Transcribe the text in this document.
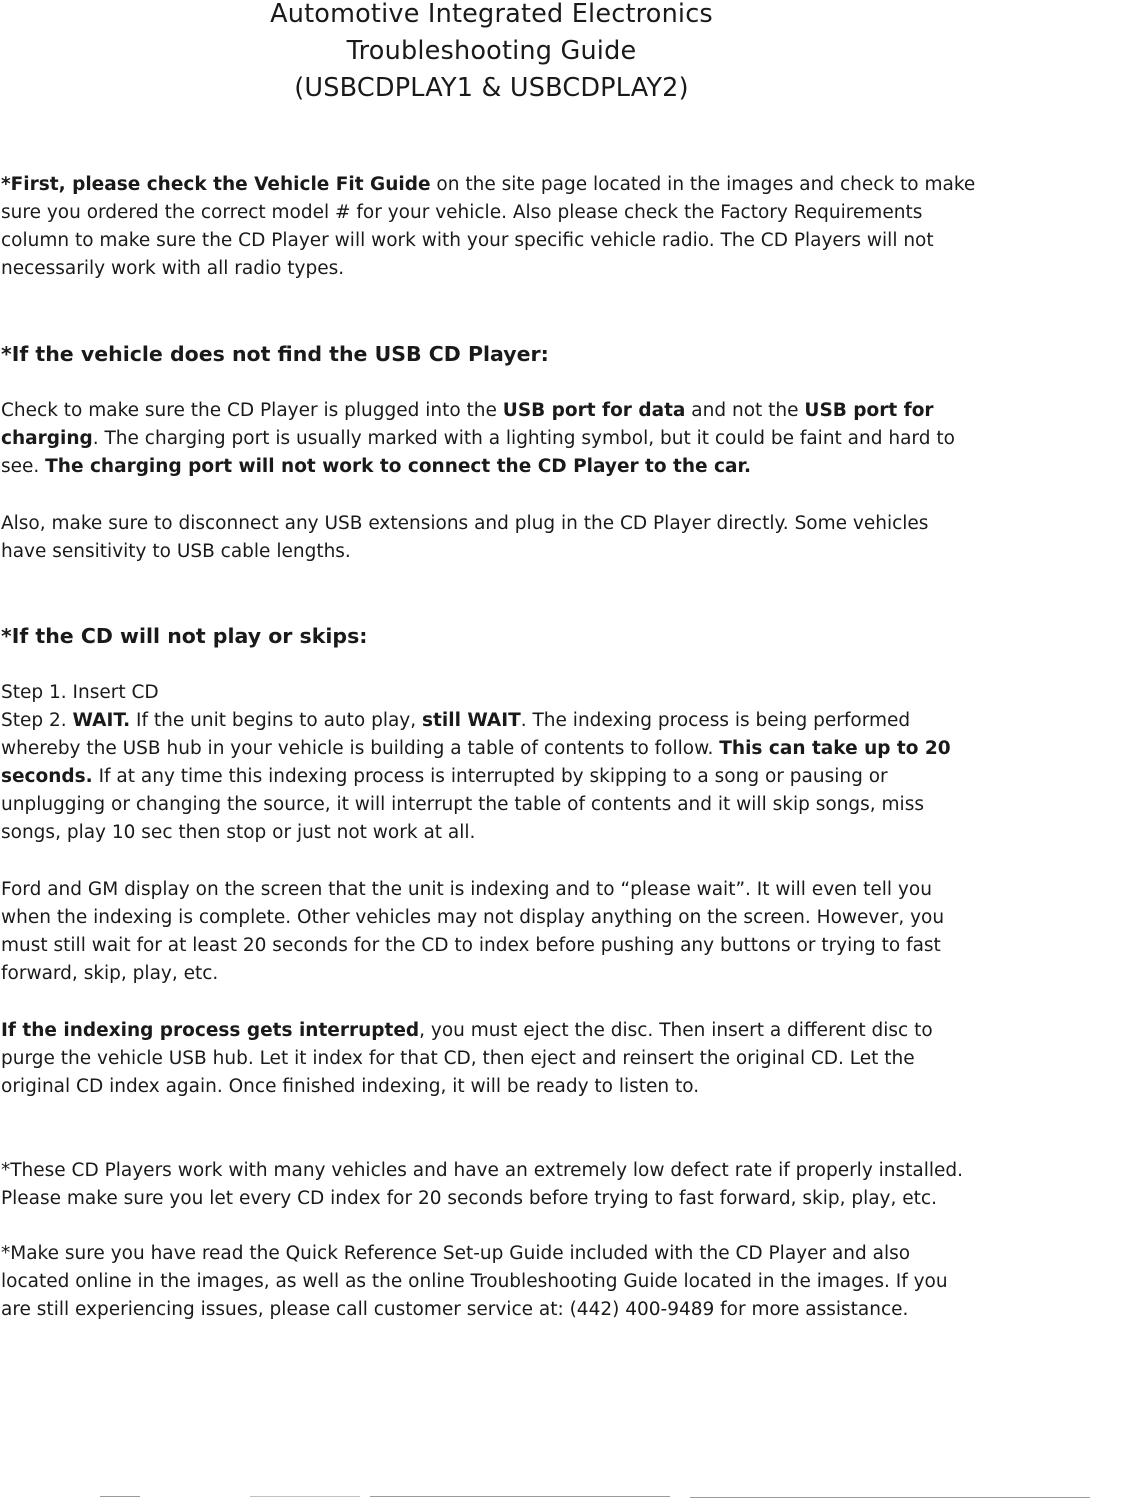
Automotive Integrated Electronics
Troubleshooting Guide
(USBCDPLAY1 & USBCDPLAY2)

*First, please check the Vehicle Fit Guide on the site page located in the images and check to make sure you ordered the correct model # for your vehicle. Also please check the Factory Requirements column to make sure the CD Player will work with your specific vehicle radio. The CD Players will not necessarily work with all radio types.

*If the vehicle does not find the USB CD Player:

Check to make sure the CD Player is plugged into the USB port for data and not the USB port for charging. The charging port is usually marked with a lighting symbol, but it could be faint and hard to see. The charging port will not work to connect the CD Player to the car.

Also, make sure to disconnect any USB extensions and plug in the CD Player directly. Some vehicles have sensitivity to USB cable lengths.

*If the CD will not play or skips:

Step 1. Insert CD

Step 2. WAIT. If the unit begins to auto play, still WAIT. The indexing process is being performed whereby the USB hub in your vehicle is building a table of contents to follow. This can take up to 20 seconds. If at any time this indexing process is interrupted by skipping to a song or pausing or unplugging or changing the source, it will interrupt the table of contents and it will skip songs, miss songs, play 10 sec then stop or just not work at all.

Ford and GM display on the screen that the unit is indexing and to “please wait”. It will even tell you when the indexing is complete. Other vehicles may not display anything on the screen. However, you must still wait for at least 20 seconds for the CD to index before pushing any buttons or trying to fast forward, skip, play, etc.

If the indexing process gets interrupted, you must eject the disc. Then insert a different disc to purge the vehicle USB hub. Let it index for that CD, then eject and reinsert the original CD. Let the original CD index again. Once finished indexing, it will be ready to listen to.

*These CD Players work with many vehicles and have an extremely low defect rate if properly installed. Please make sure you let every CD index for 20 seconds before trying to fast forward, skip, play, etc.

*Make sure you have read the Quick Reference Set-up Guide included with the CD Player and also located online in the images, as well as the online Troubleshooting Guide located in the images. If you are still experiencing issues, please call customer service at: (442) 400-9489 for more assistance.
